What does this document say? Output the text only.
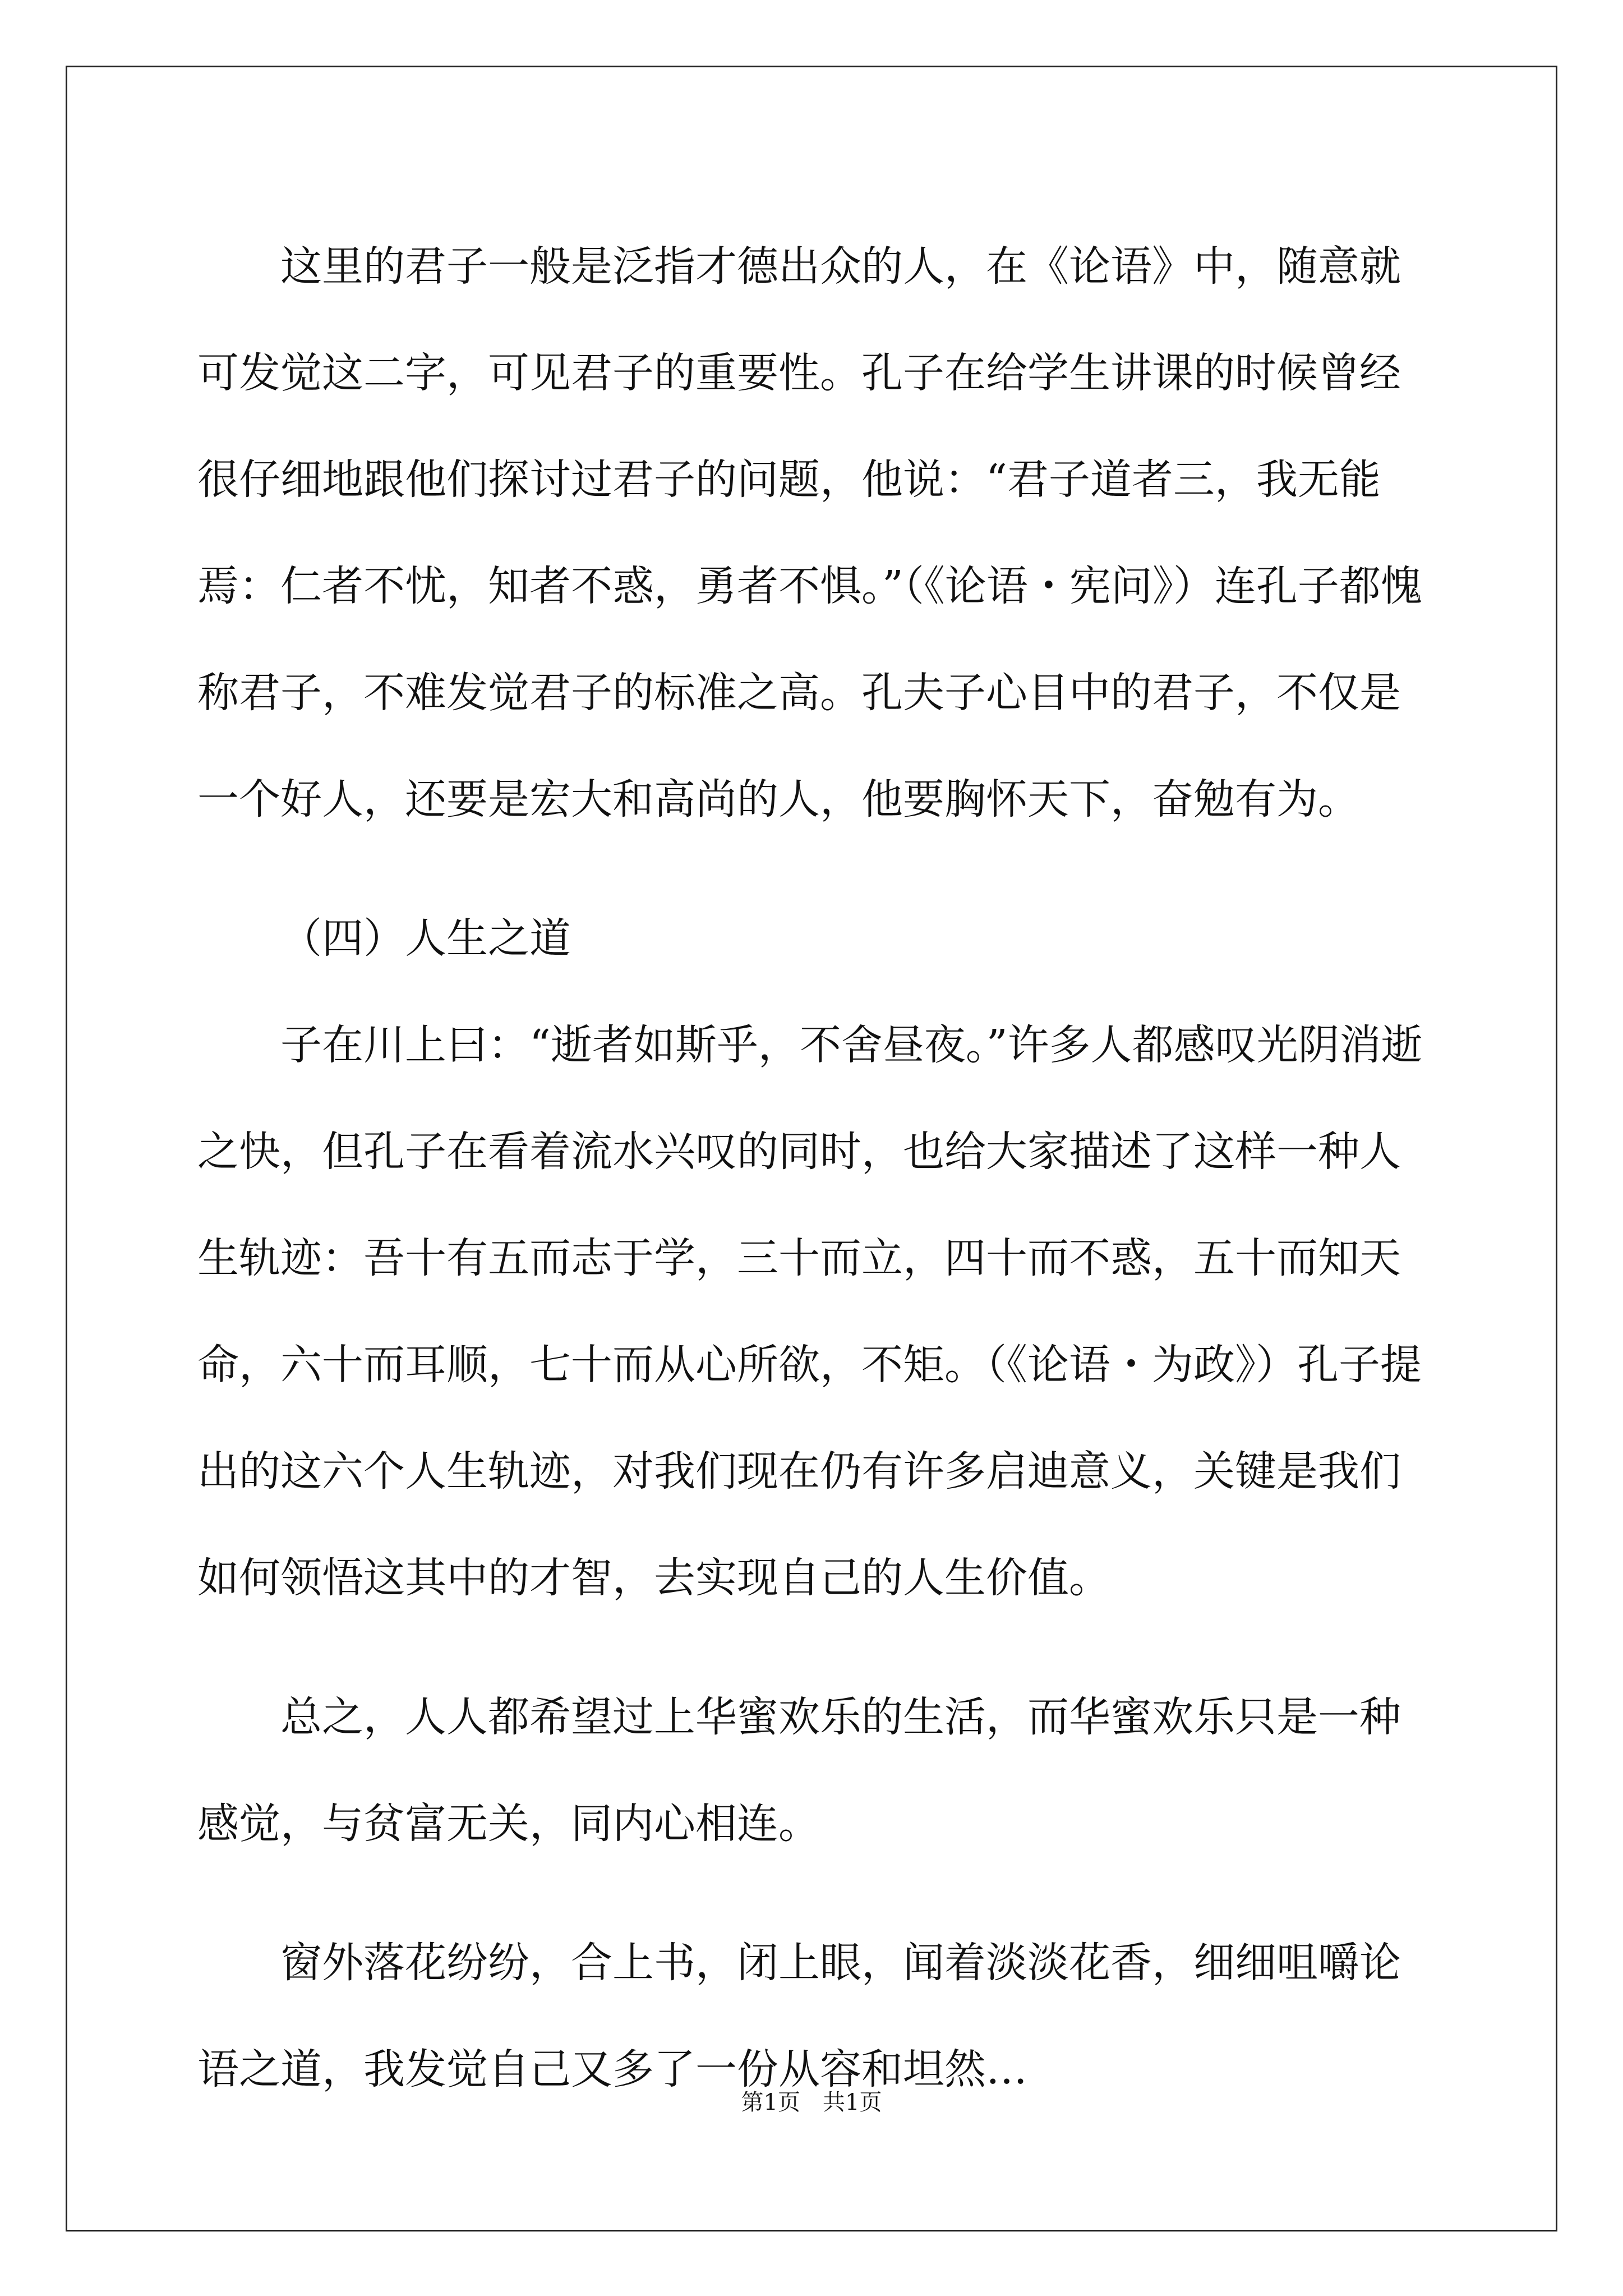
这里的君子一般是泛指才德出众的人，在《论语》中，随意就可发觉这二字，可见君子的重要性。孔子在给学生讲课的时候曾经很仔细地跟他们探讨过君子的问题，他说：“君子道者三，我无能焉：仁者不忧，知者不惑，勇者不惧。”（《论语・宪问》）连孔子都愧称君子，不难发觉君子的标准之高。孔夫子心目中的君子，不仅是一个好人，还要是宏大和高尚的人，他要胸怀天下，奋勉有为。

（四）人生之道

子在川上曰：“逝者如斯乎，不舍昼夜。”许多人都感叹光阴消逝之快，但孔子在看着流水兴叹的同时，也给大家描述了这样一种人生轨迹：吾十有五而志于学，三十而立，四十而不惑，五十而知天命，六十而耳顺，七十而从心所欲，不矩。（《论语・为政》）孔子提出的这六个人生轨迹，对我们现在仍有许多启迪意义，关键是我们如何领悟这其中的才智，去实现自己的人生价值。

总之，人人都希望过上华蜜欢乐的生活，而华蜜欢乐只是一种感觉，与贫富无关，同内心相连。

窗外落花纷纷，合上书，闭上眼，闻着淡淡花香，细细咀嚼论语之道，我发觉自己又多了一份从容和坦然…

第1页　共1页
